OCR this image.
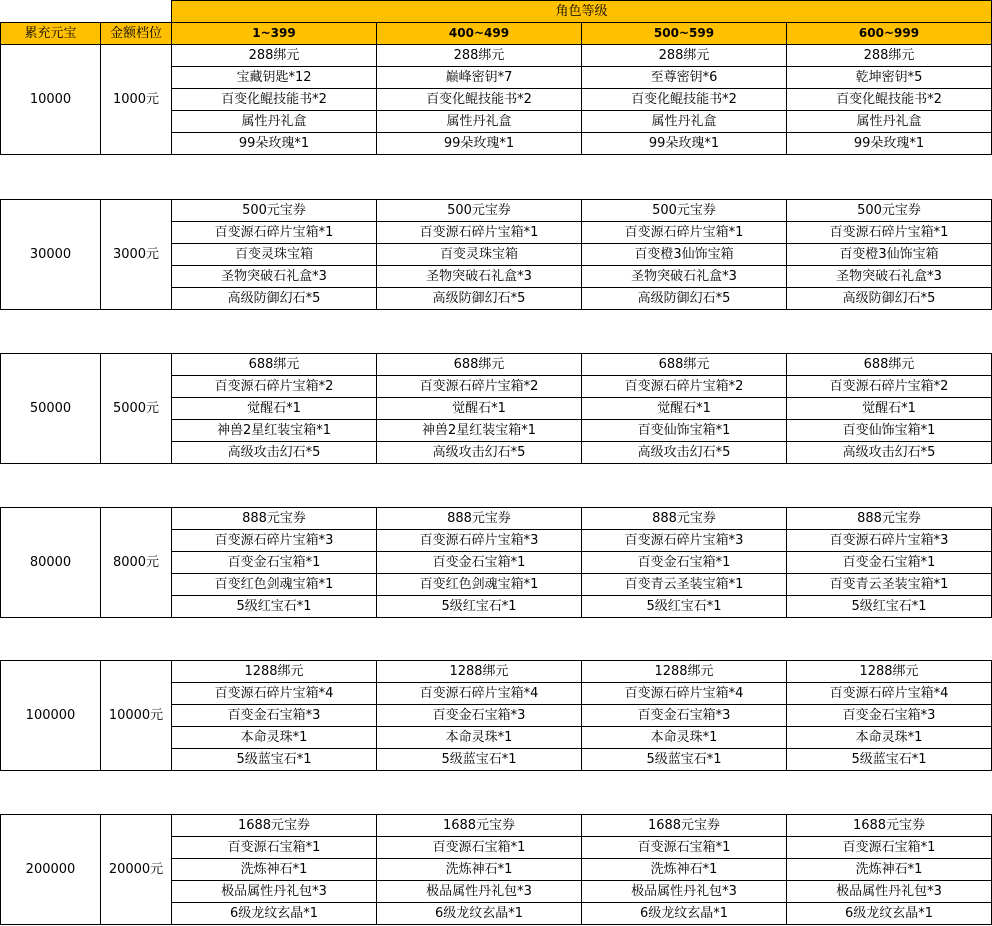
		角色等级			
累充元宝	金额档位	1~399	400~499	500~599	600~999
10000	1000元	288绑元	288绑元	288绑元	288绑元
		宝藏钥匙*12	巅峰密钥*7	至尊密钥*6	乾坤密钥*5
		百变化鲲技能书*2	百变化鲲技能书*2	百变化鲲技能书*2	百变化鲲技能书*2
		属性丹礼盒	属性丹礼盒	属性丹礼盒	属性丹礼盒
		99朵玫瑰*1	99朵玫瑰*1	99朵玫瑰*1	99朵玫瑰*1
30000	3000元	500元宝券	500元宝券	500元宝券	500元宝券
		百变源石碎片宝箱*1	百变源石碎片宝箱*1	百变源石碎片宝箱*1	百变源石碎片宝箱*1
		百变灵珠宝箱	百变灵珠宝箱	百变橙3仙饰宝箱	百变橙3仙饰宝箱
		圣物突破石礼盒*3	圣物突破石礼盒*3	圣物突破石礼盒*3	圣物突破石礼盒*3
		高级防御幻石*5	高级防御幻石*5	高级防御幻石*5	高级防御幻石*5
50000	5000元	688绑元	688绑元	688绑元	688绑元
		百变源石碎片宝箱*2	百变源石碎片宝箱*2	百变源石碎片宝箱*2	百变源石碎片宝箱*2
		觉醒石*1	觉醒石*1	觉醒石*1	觉醒石*1
		神兽2星红装宝箱*1	神兽2星红装宝箱*1	百变仙饰宝箱*1	百变仙饰宝箱*1
		高级攻击幻石*5	高级攻击幻石*5	高级攻击幻石*5	高级攻击幻石*5
80000	8000元	888元宝券	888元宝券	888元宝券	888元宝券
		百变源石碎片宝箱*3	百变源石碎片宝箱*3	百变源石碎片宝箱*3	百变源石碎片宝箱*3
		百变金石宝箱*1	百变金石宝箱*1	百变金石宝箱*1	百变金石宝箱*1
		百变红色剑魂宝箱*1	百变红色剑魂宝箱*1	百变青云圣装宝箱*1	百变青云圣装宝箱*1
		5级红宝石*1	5级红宝石*1	5级红宝石*1	5级红宝石*1
100000	10000元	1288绑元	1288绑元	1288绑元	1288绑元
		百变源石碎片宝箱*4	百变源石碎片宝箱*4	百变源石碎片宝箱*4	百变源石碎片宝箱*4
		百变金石宝箱*3	百变金石宝箱*3	百变金石宝箱*3	百变金石宝箱*3
		本命灵珠*1	本命灵珠*1	本命灵珠*1	本命灵珠*1
		5级蓝宝石*1	5级蓝宝石*1	5级蓝宝石*1	5级蓝宝石*1
200000	20000元	1688元宝券	1688元宝券	1688元宝券	1688元宝券
		百变源石宝箱*1	百变源石宝箱*1	百变源石宝箱*1	百变源石宝箱*1
		洗炼神石*1	洗炼神石*1	洗炼神石*1	洗炼神石*1
		极品属性丹礼包*3	极品属性丹礼包*3	极品属性丹礼包*3	极品属性丹礼包*3
		6级龙纹玄晶*1	6级龙纹玄晶*1	6级龙纹玄晶*1	6级龙纹玄晶*1
